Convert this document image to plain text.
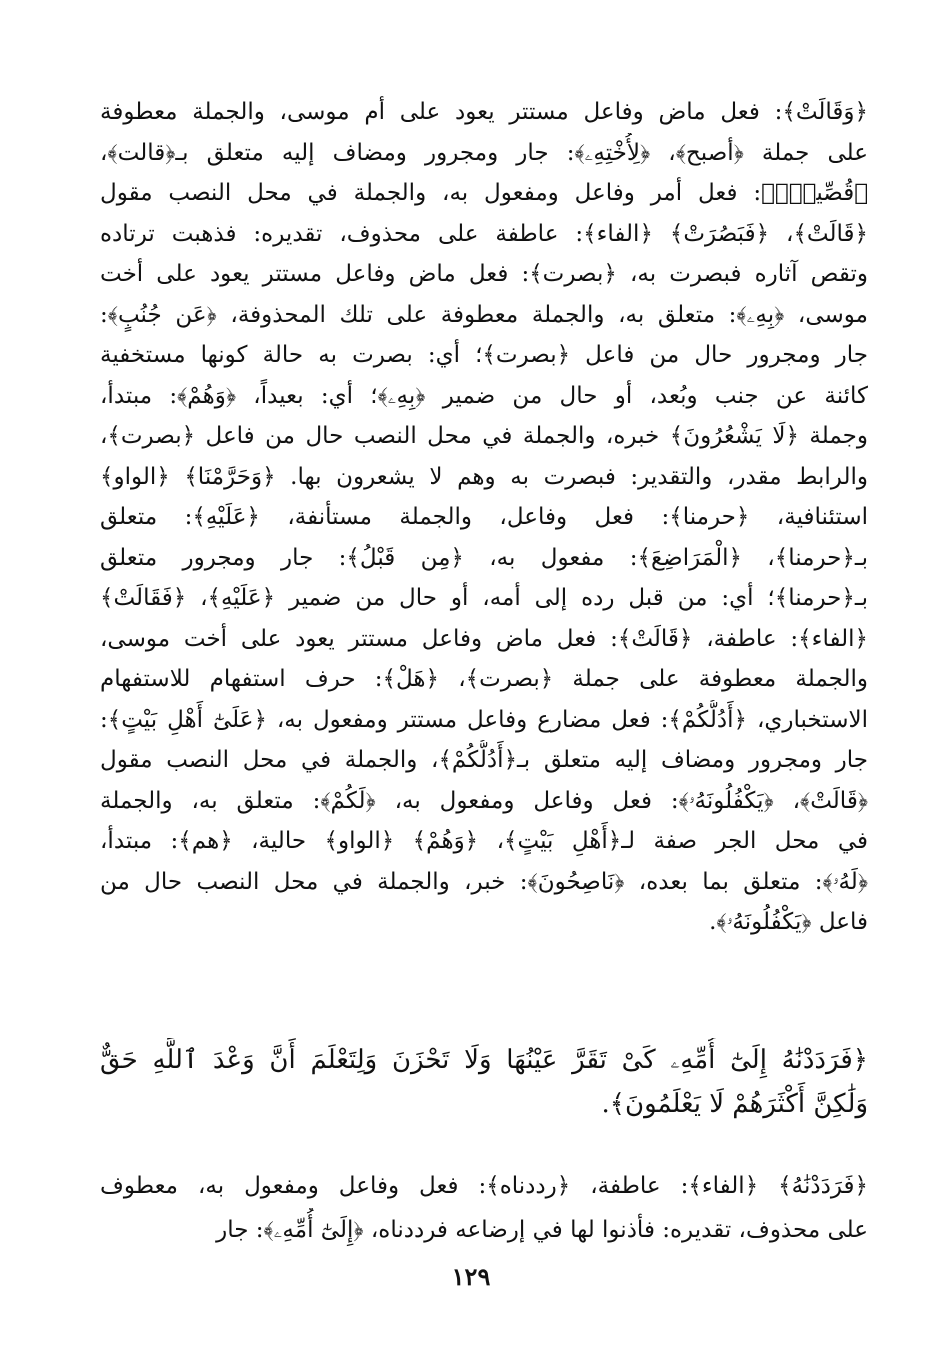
﴿وَقَالَتْ﴾: فعل ماض وفاعل مستتر يعود على أم موسى، والجملة معطوفة
على جملة ﴿أصبح﴾، ﴿لِأُخْتِهِۦ﴾: جار ومجرور ومضاف إليه متعلق بـ﴿قالت﴾،
﴿قُصِّيهِۖ﴾: فعل أمر وفاعل ومفعول به، والجملة في محل النصب مقول
﴿قَالَتْ﴾، ﴿فَبَصُرَتْ﴾ ﴿الفاء﴾: عاطفة على محذوف، تقديره: فذهبت ترتاده
وتقص آثاره فبصرت به، ﴿بصرت﴾: فعل ماض وفاعل مستتر يعود على أخت
موسى، ﴿بِهِۦ﴾: متعلق به، والجملة معطوفة على تلك المحذوفة، ﴿عَن جُنُبٍ﴾:
جار ومجرور حال من فاعل ﴿بصرت﴾؛ أي: بصرت به حالة كونها مستخفية
كائنة عن جنب وبُعد، أو حال من ضمير ﴿بِهِۦ﴾؛ أي: بعيداً، ﴿وَهُمْ﴾: مبتدأ،
وجملة ﴿لَا يَشْعُرُونَ﴾ خبره، والجملة في محل النصب حال من فاعل ﴿بصرت﴾،
والرابط مقدر، والتقدير: فبصرت به وهم لا يشعرون بها. ﴿وَحَرَّمْنَا﴾ ﴿الواو﴾
استئنافية، ﴿حرمنا﴾: فعل وفاعل، والجملة مستأنفة، ﴿عَلَيْهِ﴾: متعلق
بـ﴿حرمنا﴾، ﴿الْمَرَاضِعَ﴾: مفعول به، ﴿مِن قَبْلُ﴾: جار ومجرور متعلق
بـ﴿حرمنا﴾؛ أي: من قبل رده إلى أمه، أو حال من ضمير ﴿عَلَيْهِ﴾، ﴿فَقَالَتْ﴾
﴿الفاء﴾: عاطفة، ﴿قَالَتْ﴾: فعل ماض وفاعل مستتر يعود على أخت موسى،
والجملة معطوفة على جملة ﴿بصرت﴾، ﴿هَلْ﴾: حرف استفهام للاستفهام
الاستخباري، ﴿أَدُلُّكُمْ﴾: فعل مضارع وفاعل مستتر ومفعول به، ﴿عَلَىٰٓ أَهْلِ بَيْتٍ﴾:
جار ومجرور ومضاف إليه متعلق بـ﴿أَدُلُّكُمْ﴾، والجملة في محل النصب مقول
﴿قَالَتْ﴾، ﴿يَكْفُلُونَهُۥ﴾: فعل وفاعل ومفعول به، ﴿لَكُمْ﴾: متعلق به، والجملة
في محل الجر صفة لـ﴿أَهْلِ بَيْتٍ﴾، ﴿وَهُمْ﴾ ﴿الواو﴾ حالية، ﴿هم﴾: مبتدأ،
﴿لَهُۥ﴾: متعلق بما بعده، ﴿نَاصِحُونَ﴾: خبر، والجملة في محل النصب حال من
فاعل ﴿يَكْفُلُونَهُۥ﴾.
﴿فَرَدَدْنَٰهُ إِلَىٰٓ أُمِّهِۦ كَىْ تَقَرَّ عَيْنُهَا وَلَا تَحْزَنَ وَلِتَعْلَمَ أَنَّ وَعْدَ ٱللَّهِ حَقٌّ
وَلَٰكِنَّ أَكْثَرَهُمْ لَا يَعْلَمُونَ﴾.
﴿فَرَدَدْنَٰهُ﴾ ﴿الفاء﴾: عاطفة، ﴿رددناه﴾: فعل وفاعل ومفعول به، معطوف
على محذوف، تقديره: فأذنوا لها في إرضاعه فرددناه، ﴿إِلَىٰٓ أُمِّهِۦ﴾: جار
١٢٩
